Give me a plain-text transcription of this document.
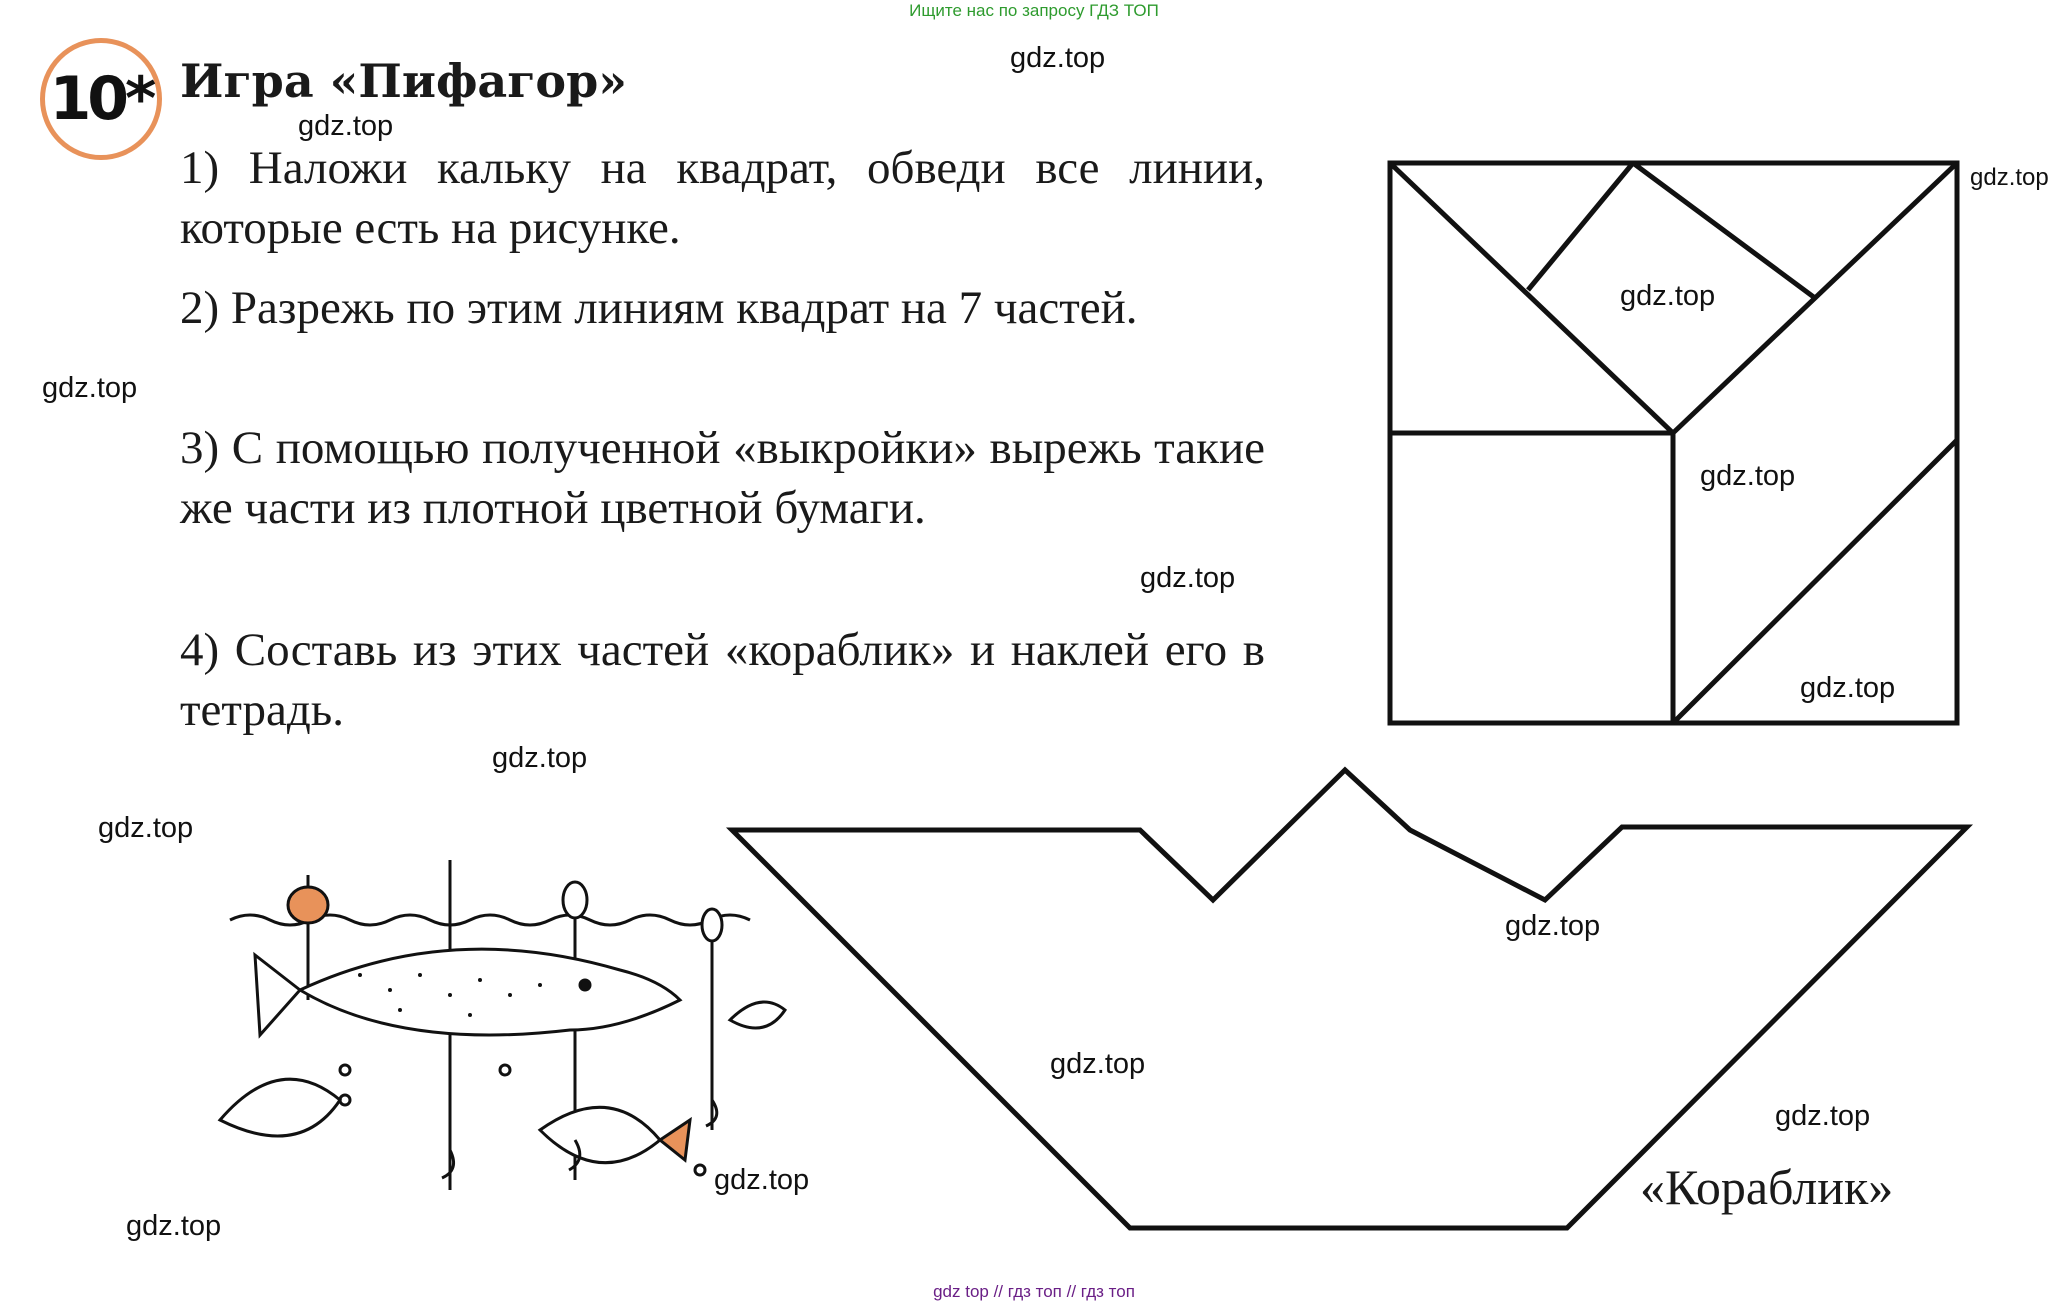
Ищите нас по запросу ГДЗ ТОП
10* Игра «Пифагор»
1) Наложи кальку на квадрат, обведи все линии, которые есть на рисунке.
2) Разрежь по этим линиям квадрат на 7 частей.
3) С помощью полученной «выкройки» вырежь такие же части из плотной цветной бумаги.
4) Составь из этих частей «кораблик» и наклей его в тетрадь.
«Кораблик»
gdz.top
gdz.top
gdz.top
gdz.top
gdz.top
gdz.top
gdz.top
gdz.top
gdz.top
gdz.top
gdz.top
gdz.top
gdz.top
gdz.top
gdz.top
gdz top // гдз топ // гдз топ
